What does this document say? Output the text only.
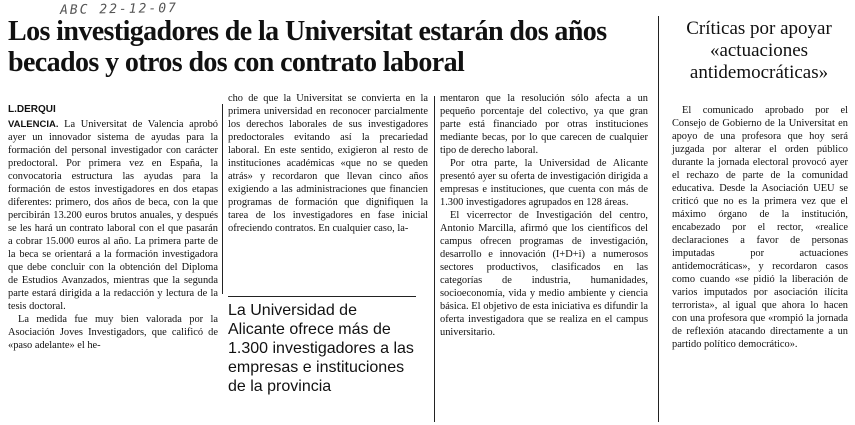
ABC 22-12-07
Los investigadores de la Universitat estarán dos años becados y otros dos con contrato laboral
L.DERQUI

VALENCIA. La Universitat de Valencia aprobó ayer un innovador sistema de ayudas para la formación del personal investigador con carácter predoctoral. Por primera vez en España, la convocatoria estructura las ayudas para la formación de estos investigadores en dos etapas diferentes: primero, dos años de beca, con la que percibirán 13.200 euros brutos anuales, y después se les hará un contrato laboral con el que pasarán a cobrar 15.000 euros al año. La primera parte de la beca se orientará a la formación investigadora que debe concluir con la obtención del Diploma de Estudios Avanzados, mientras que la segunda parte estará dirigida a la redacción y lectura de la tesis doctoral.

La medida fue muy bien valorada por la Asociación Joves Investigadors, que calificó de «paso adelante» el he-

cho de que la Universitat se convierta en la primera universidad en reconocer parcialmente los derechos laborales de sus investigadores predoctorales evitando así la precariedad laboral. En este sentido, exigieron al resto de instituciones académicas «que no se queden atrás» y recordaron que llevan cinco años exigiendo a las administraciones que financien programas de formación que dignifiquen la tarea de los investigadores en fase inicial ofreciendo contratos. En cualquier caso, la-

La Universidad de Alicante ofrece más de 1.300 investigadores a las empresas e instituciones de la provincia

mentaron que la resolución sólo afecta a un pequeño porcentaje del colectivo, ya que gran parte está financiado por otras instituciones mediante becas, por lo que carecen de cualquier tipo de derecho laboral.

Por otra parte, la Universidad de Alicante presentó ayer su oferta de investigación dirigida a empresas e instituciones, que cuenta con más de 1.300 investigadores agrupados en 128 áreas.

El vicerrector de Investigación del centro, Antonio Marcilla, afirmó que los científicos del campus ofrecen programas de investigación, desarrollo e innovación (I+D+i) a numerosos sectores productivos, clasificados en las categorías de industria, humanidades, socioeconomía, vida y medio ambiente y ciencia básica. El objetivo de esta iniciativa es difundir la oferta investigadora que se realiza en el campus universitario.

Críticas por apoyar «actuaciones antidemocráticas»

El comunicado aprobado por el Consejo de Gobierno de la Universitat en apoyo de una profesora que hoy será juzgada por alterar el orden público durante la jornada electoral provocó ayer el rechazo de parte de la comunidad educativa. Desde la Asociación UEU se criticó que no es la primera vez que el máximo órgano de la institución, encabezado por el rector, «realice declaraciones a favor de personas imputadas por actuaciones antidemocráticas», y recordaron casos como cuando «se pidió la liberación de varios imputados por asociación ilícita terrorista», al igual que ahora lo hacen con una profesora que «rompió la jornada de reflexión atacando directamente a un partido político democrático».
